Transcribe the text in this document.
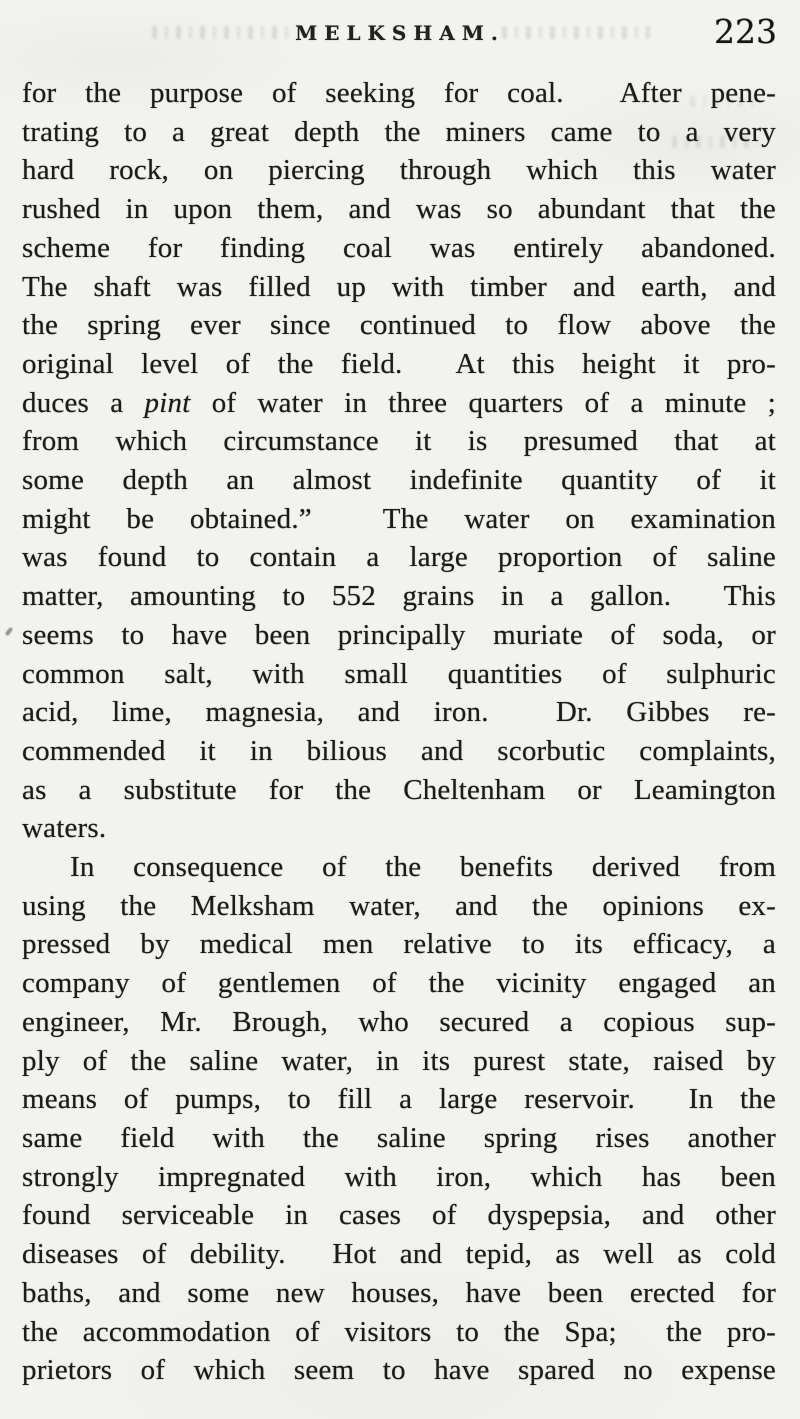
MELKSHAM.	223
for the purpose of seeking for coal.  After pene-
trating to a great depth the miners came to a very
hard rock, on piercing through which this water
rushed in upon them, and was so abundant that the
scheme for finding coal was entirely abandoned.
The shaft was filled up with timber and earth, and
the spring ever since continued to flow above the
original level of the field.  At this height it pro-
duces a pint of water in three quarters of a minute ;
from which circumstance it is presumed that at
some depth an almost indefinite quantity of it
might be obtained.”  The water on examination
was found to contain a large proportion of saline
matter, amounting to 552 grains in a gallon.  This
seems to have been principally muriate of soda, or
common salt, with small quantities of sulphuric
acid, lime, magnesia, and iron.  Dr. Gibbes re-
commended it in bilious and scorbutic complaints,
as a substitute for the Cheltenham or Leamington
waters.
In consequence of the benefits derived from
using the Melksham water, and the opinions ex-
pressed by medical men relative to its efficacy, a
company of gentlemen of the vicinity engaged an
engineer, Mr. Brough, who secured a copious sup-
ply of the saline water, in its purest state, raised by
means of pumps, to fill a large reservoir.  In the
same field with the saline spring rises another
strongly impregnated with iron, which has been
found serviceable in cases of dyspepsia, and other
diseases of debility.  Hot and tepid, as well as cold
baths, and some new houses, have been erected for
the accommodation of visitors to the Spa;  the pro-
prietors of which seem to have spared no expense
